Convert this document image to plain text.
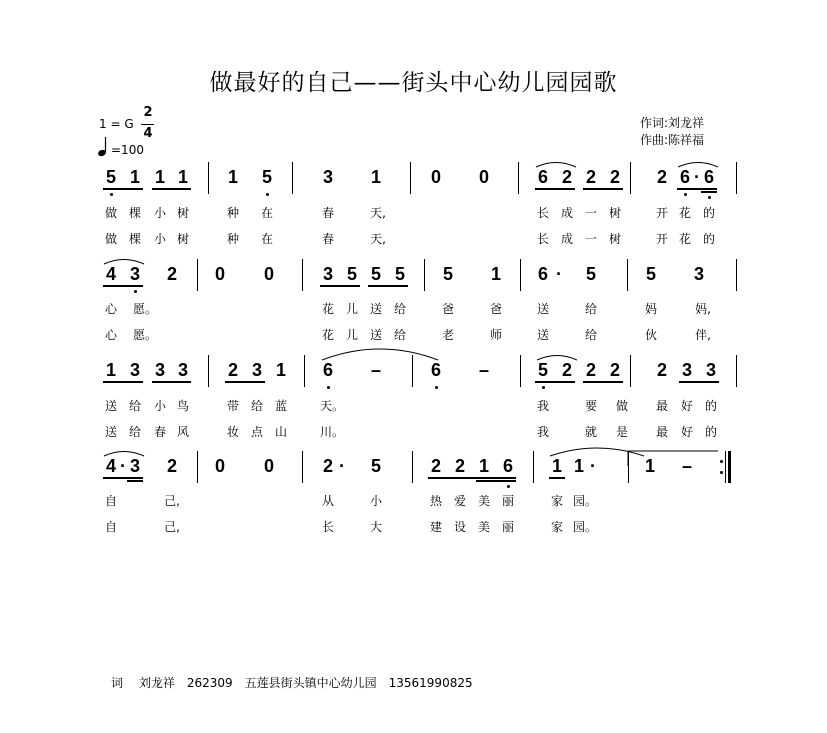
做最好的自己——街头中心幼儿园园歌
1 = G
2
4
=100
作词:刘龙祥
作曲:陈祥福
5 1 1 1 1 5	3 1	0 0	6 2 2 2 2 6 · 6
做 棵	小 树	种	在	春	天,	长 成 一 树	开 花 的
做 棵	小 树	种	在	春	天,	长 成 一 树	开 花 的
4 3 2 0 0	3 5 5 5 5 1 6 · 5	5 3
心	愿。	花 儿 送 给	爸	爸	送	给	妈	妈,
心	愿。	花 儿 送 给	老	师	送	给	伙	伴,
1 3 3 3 2 3 1 6 –	6 –	5 2 2 2 2 3 3
送 给	小 鸟	带 给 蓝	天。	我	要	做	最	好 的
送 给	春 风	妆 点 山	川。	我	就	是	最	好 的
4 · 3 2 0 0	2 · 5	2 2 1 6 1 1 ·	1 –
自	己,	从	小	热 爱 美 丽	家 园。
自	己,	长	大	建 设 美 丽	家 园。
词　 刘龙祥　262309　五莲县街头镇中心幼儿园　13561990825
